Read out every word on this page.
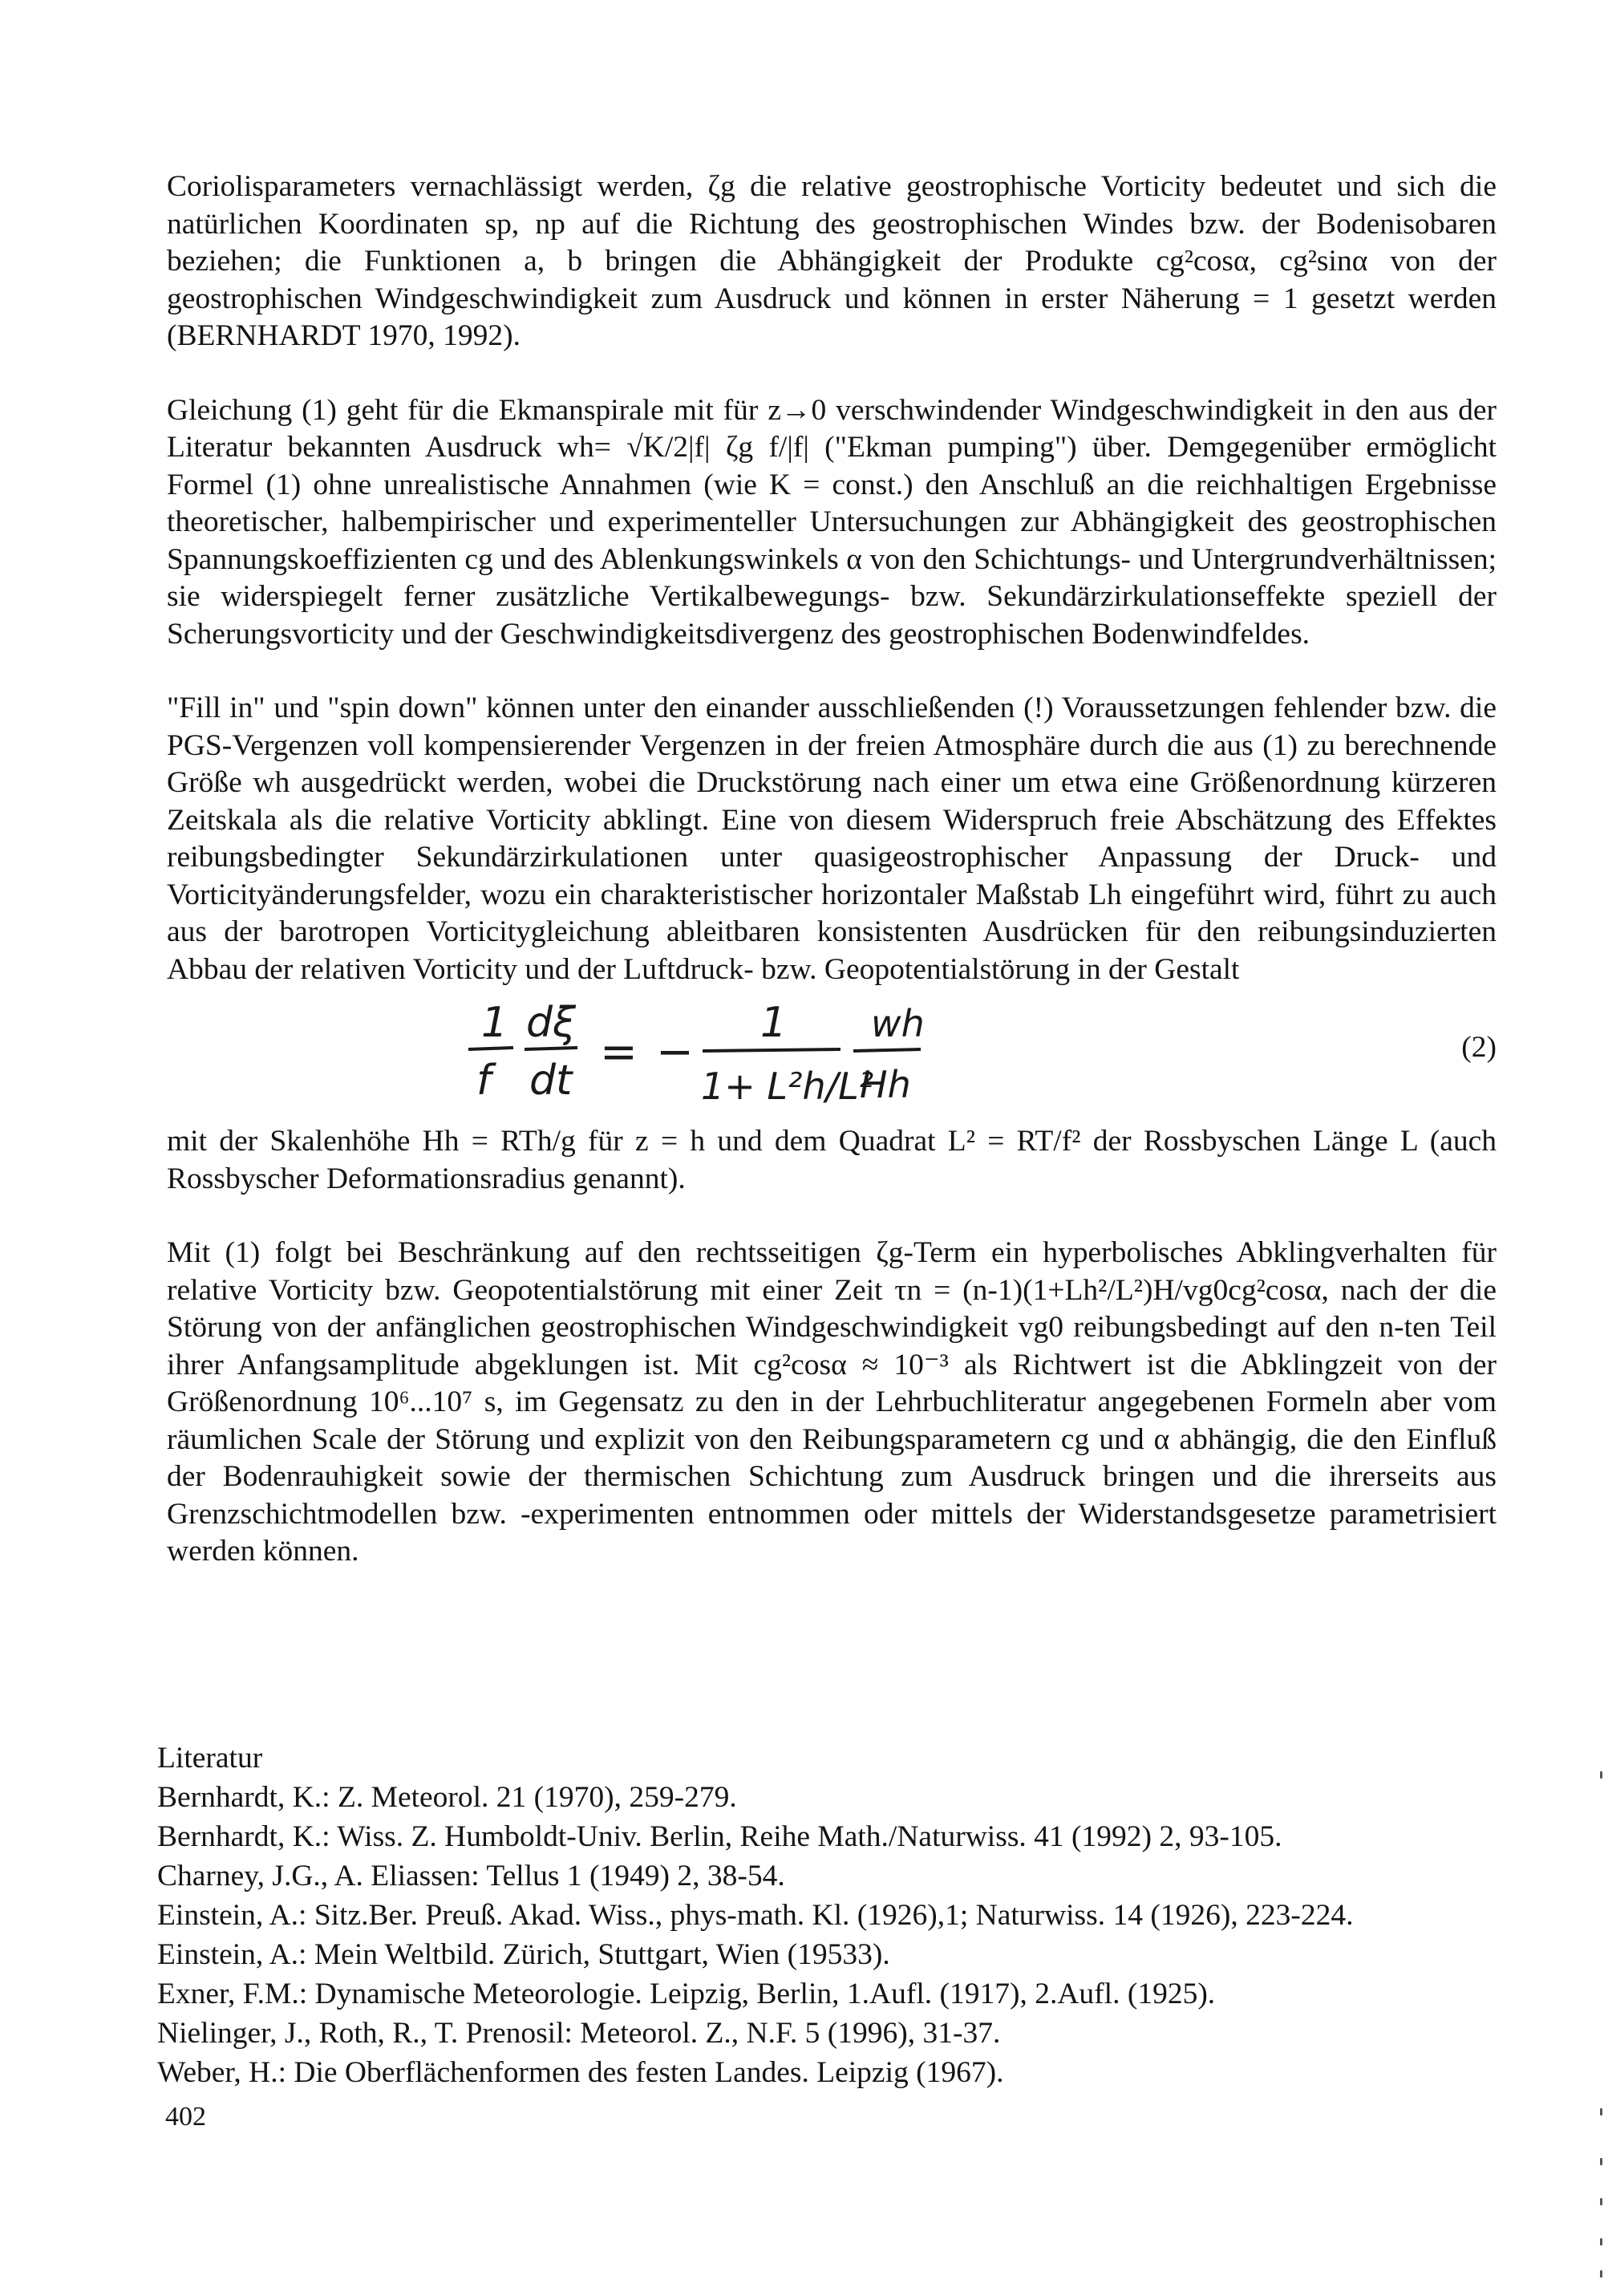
Coriolisparameters vernachlässigt werden, ζg die relative geostrophische Vorticity bedeutet und sich die natürlichen Koordinaten sp, np auf die Richtung des geostrophischen Windes bzw. der Bodenisobaren beziehen; die Funktionen a, b bringen die Abhängigkeit der Produkte cg²cosα, cg²sinα von der geostrophischen Windgeschwindigkeit zum Ausdruck und können in erster Näherung = 1 gesetzt werden (BERNHARDT 1970, 1992).

Gleichung (1) geht für die Ekmanspirale mit für z→0 verschwindender Windgeschwindigkeit in den aus der Literatur bekannten Ausdruck wh= √K/2|f| ζg f/|f| ("Ekman pumping") über. Demgegenüber ermöglicht Formel (1) ohne unrealistische Annahmen (wie K = const.) den Anschluß an die reichhaltigen Ergebnisse theoretischer, halbempirischer und experimenteller Untersuchungen zur Abhängigkeit des geostrophischen Spannungskoeffizienten cg und des Ablenkungswinkels α von den Schichtungs- und Untergrundverhältnissen; sie widerspiegelt ferner zusätzliche Vertikalbewegungs- bzw. Sekundärzirkulationseffekte speziell der Scherungsvorticity und der Geschwindigkeitsdivergenz des geostrophischen Bodenwindfeldes.

"Fill in" und "spin down" können unter den einander ausschließenden (!) Voraussetzungen fehlender bzw. die PGS-Vergenzen voll kompensierender Vergenzen in der freien Atmosphäre durch die aus (1) zu berechnende Größe wh ausgedrückt werden, wobei die Druckstörung nach einer um etwa eine Größenordnung kürzeren Zeitskala als die relative Vorticity abklingt. Eine von diesem Widerspruch freie Abschätzung des Effektes reibungsbedingter Sekundärzirkulationen unter quasigeostrophischer Anpassung der Druck- und Vorticityänderungsfelder, wozu ein charakteristischer horizontaler Maßstab Lh eingeführt wird, führt zu auch aus der barotropen Vorticitygleichung ableitbaren konsistenten Ausdrücken für den reibungsinduzierten Abbau der relativen Vorticity und der Luftdruck- bzw. Geopotentialstörung in der Gestalt

1
f
dξ
dt
= −
1
1+ L²h/L²
wh
Hh
(2)

mit der Skalenhöhe Hh = RTh/g für z = h und dem Quadrat L² = RT/f² der Rossbyschen Länge L (auch Rossbyscher Deformationsradius genannt).

Mit (1) folgt bei Beschränkung auf den rechtsseitigen ζg-Term ein hyperbolisches Abklingverhalten für relative Vorticity bzw. Geopotentialstörung mit einer Zeit τn = (n-1)(1+Lh²/L²)H/vg0cg²cosα, nach der die Störung von der anfänglichen geostrophischen Windgeschwindigkeit vg0 reibungsbedingt auf den n-ten Teil ihrer Anfangsamplitude abgeklungen ist. Mit cg²cosα ≈ 10⁻³ als Richtwert ist die Abklingzeit von der Größenordnung 10⁶...10⁷ s, im Gegensatz zu den in der Lehrbuchliteratur angegebenen Formeln aber vom räumlichen Scale der Störung und explizit von den Reibungsparametern cg und α abhängig, die den Einfluß der Bodenrauhigkeit sowie der thermischen Schichtung zum Ausdruck bringen und die ihrerseits aus Grenzschichtmodellen bzw. -experimenten entnommen oder mittels der Widerstandsgesetze parametrisiert werden können.

Literatur

Bernhardt, K.: Z. Meteorol. 21 (1970), 259-279.

Bernhardt, K.: Wiss. Z. Humboldt-Univ. Berlin, Reihe Math./Naturwiss. 41 (1992) 2, 93-105.

Charney, J.G., A. Eliassen: Tellus 1 (1949) 2, 38-54.

Einstein, A.: Sitz.Ber. Preuß. Akad. Wiss., phys-math. Kl. (1926),1; Naturwiss. 14 (1926), 223-224.

Einstein, A.: Mein Weltbild. Zürich, Stuttgart, Wien (19533).

Exner, F.M.: Dynamische Meteorologie. Leipzig, Berlin, 1.Aufl. (1917), 2.Aufl. (1925).

Nielinger, J., Roth, R., T. Prenosil: Meteorol. Z., N.F. 5 (1996), 31-37.

Weber, H.: Die Oberflächenformen des festen Landes. Leipzig (1967).

402
